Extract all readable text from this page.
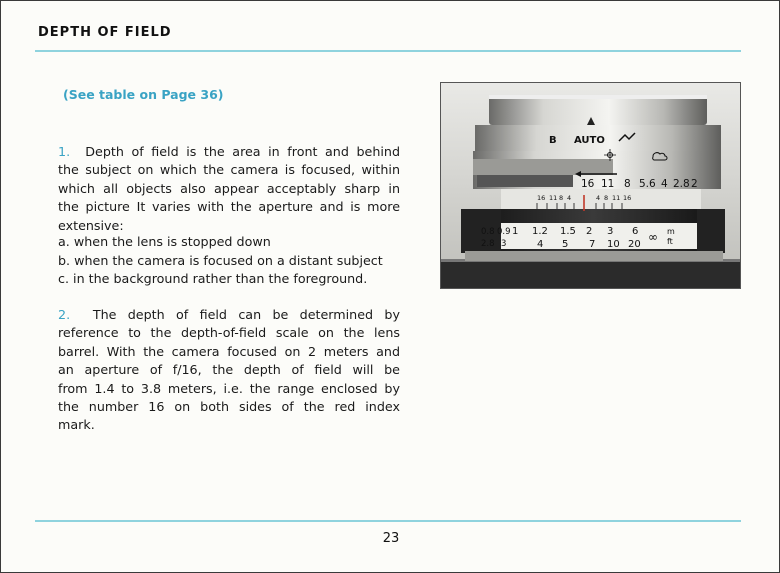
DEPTH OF FIELD
(See table on Page 36)

1. Depth of field is the area in front and behind

the subject on which the camera is focused, within

which all objects also appear acceptably sharp in

the picture It varies with the aperture and is more

extensive:

a. when the lens is stopped down
b. when the camera is focused on a distant subject
c. in the background rather than the foreground.

2. The depth of field can be determined by

reference to the depth-of-field scale on the lens

barrel. With the camera focused on 2 meters and

an aperture of f/16, the depth of field will be

from 1.4 to 3.8 meters, i.e. the range enclosed by

the number 16 on both sides of the red index

mark.

B AUTO
16 11 8 5.6 4 2.8 2
16 11 8 4	4 8 11 16
0.8 0.9 1 1.2 1.5 2 3 6 ∞ m
2.8 3	4 5 7 10 20	ft
23
